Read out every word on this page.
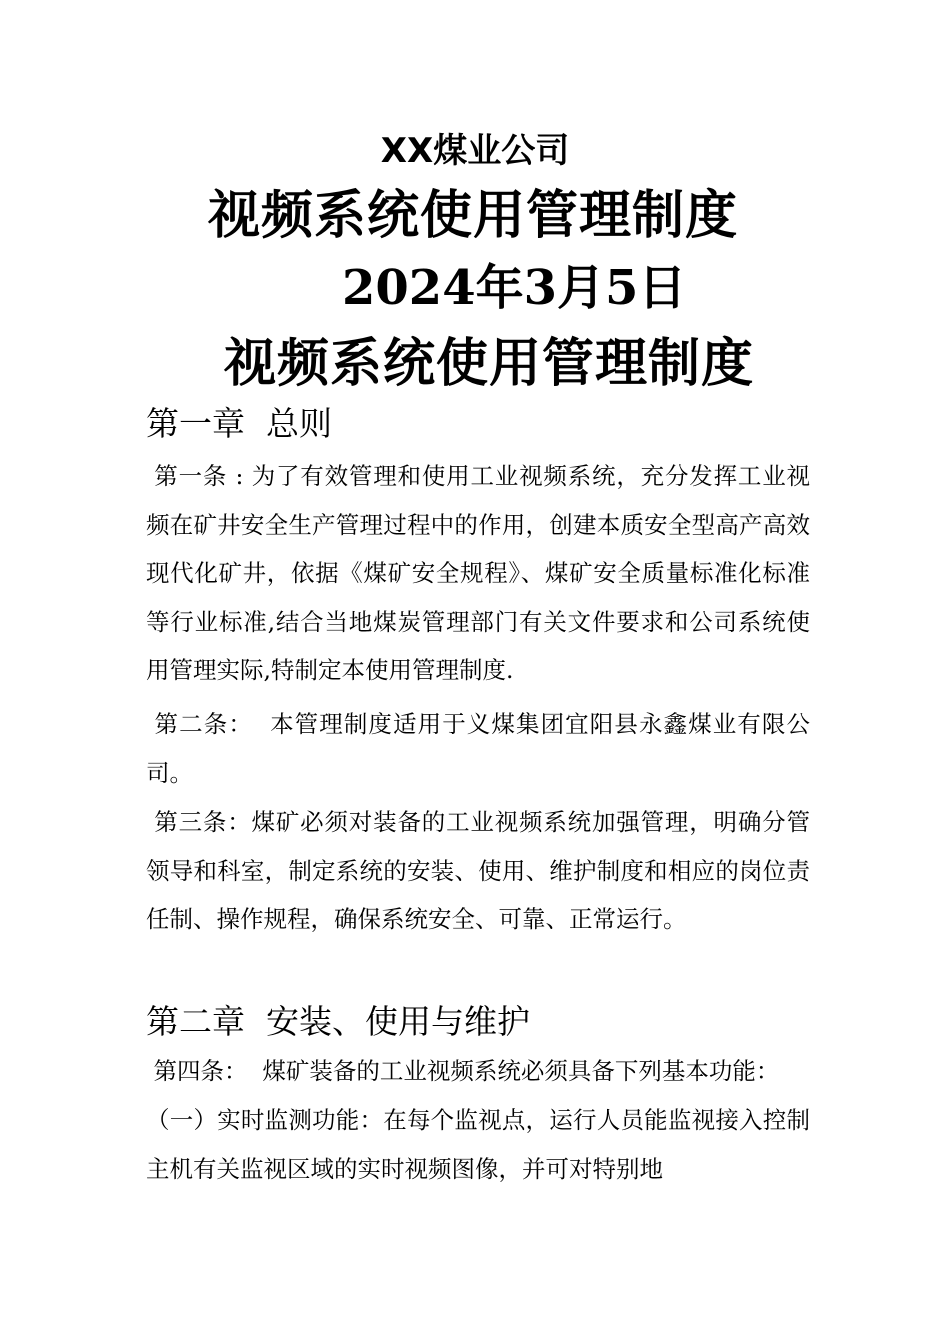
XX煤业公司
视频系统使用管理制度
2024年3月5日
视频系统使用管理制度
第一章  总则
第一条 : 为了有效管理和使用工业视频系统，充分发挥工业视频在矿井安全生产管理过程中的作用，创建本质安全型高产高效现代化矿井，依据《煤矿安全规程》、煤矿安全质量标准化标准等行业标准,结合当地煤炭管理部门有关文件要求和公司系统使用管理实际,特制定本使用管理制度.
第二条：  本管理制度适用于义煤集团宜阳县永鑫煤业有限公司。
第三条：煤矿必须对装备的工业视频系统加强管理，明确分管领导和科室，制定系统的安装、使用、维护制度和相应的岗位责任制、操作规程，确保系统安全、可靠、正常运行。
第二章  安装、使用与维护
第四条：  煤矿装备的工业视频系统必须具备下列基本功能：
（一）实时监测功能：在每个监视点，运行人员能监视接入控制主机有关监视区域的实时视频图像，并可对特别地
